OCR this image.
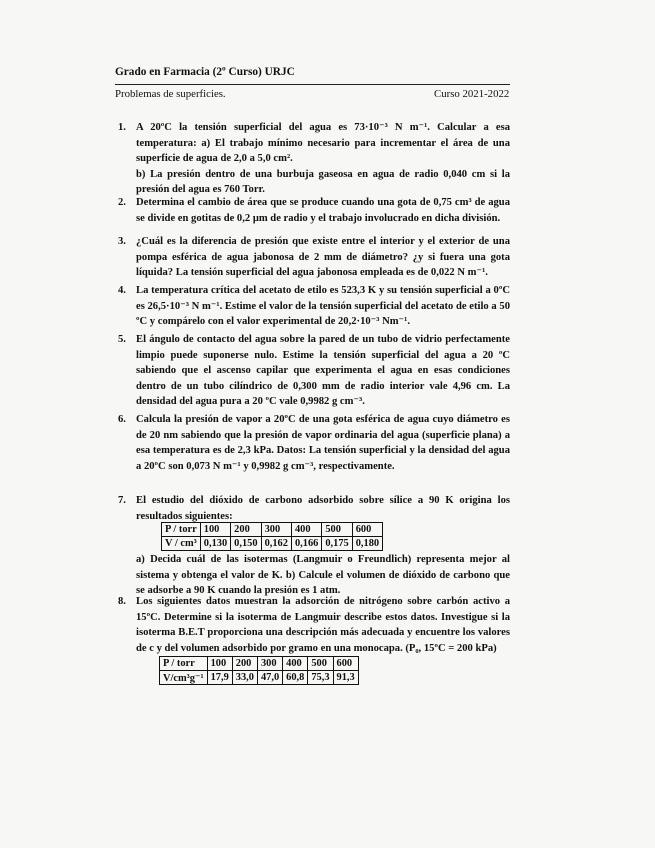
Grado en Farmacia (2º Curso) URJC
Problemas de superficies.	Curso 2021-2022
1. A 20ºC la tensión superficial del agua es 73·10⁻³ N m⁻¹. Calcular a esa temperatura: a) El trabajo mínimo necesario para incrementar el área de una superficie de agua de 2,0 a 5,0 cm².

b) La presión dentro de una burbuja gaseosa en agua de radio 0,040 cm si la presión del agua es 760 Torr.

2. Determina el cambio de área que se produce cuando una gota de 0,75 cm³ de agua se divide en gotitas de 0,2 μm de radio y el trabajo involucrado en dicha división.

3. ¿Cuál es la diferencia de presión que existe entre el interior y el exterior de una pompa esférica de agua jabonosa de 2 mm de diámetro? ¿y si fuera una gota líquida? La tensión superficial del agua jabonosa empleada es de 0,022 N m⁻¹.

4. La temperatura crítica del acetato de etilo es 523,3 K y su tensión superficial a 0ºC es 26,5·10⁻³ N m⁻¹. Estime el valor de la tensión superficial del acetato de etilo a 50 ºC y compárelo con el valor experimental de 20,2·10⁻³ Nm⁻¹.

5. El ángulo de contacto del agua sobre la pared de un tubo de vidrio perfectamente limpio puede suponerse nulo. Estime la tensión superficial del agua a 20 ºC sabiendo que el ascenso capilar que experimenta el agua en esas condiciones dentro de un tubo cilíndrico de 0,300 mm de radio interior vale 4,96 cm. La densidad del agua pura a 20 ºC vale 0,9982 g cm⁻³.

6. Calcula la presión de vapor a 20ºC de una gota esférica de agua cuyo diámetro es de 20 nm sabiendo que la presión de vapor ordinaria del agua (superficie plana) a esa temperatura es de 2,3 kPa. Datos: La tensión superficial y la densidad del agua a 20ºC son 0,073 N m⁻¹ y 0,9982 g cm⁻³, respectivamente.

7. El estudio del dióxido de carbono adsorbido sobre sílice a 90 K origina los resultados siguientes:

P / torr	100	200	300	400	500	600
V / cm³	0,130	0,150	0,162	0,166	0,175	0,180

a) Decida cuál de las isotermas (Langmuir o Freundlich) representa mejor al sistema y obtenga el valor de K. b) Calcule el volumen de dióxido de carbono que se adsorbe a 90 K cuando la presión es 1 atm.

8. Los siguientes datos muestran la adsorción de nitrógeno sobre carbón activo a 15ºC. Determine si la isoterma de Langmuir describe estos datos. Investigue si la isoterma B.E.T proporciona una descripción más adecuada y encuentre los valores de c y del volumen adsorbido por gramo en una monocapa. (P₀, 15ºC = 200 kPa)

P / torr	100	200	300	400	500	600
V/cm³g⁻¹	17,9	33,0	47,0	60,8	75,3	91,3
